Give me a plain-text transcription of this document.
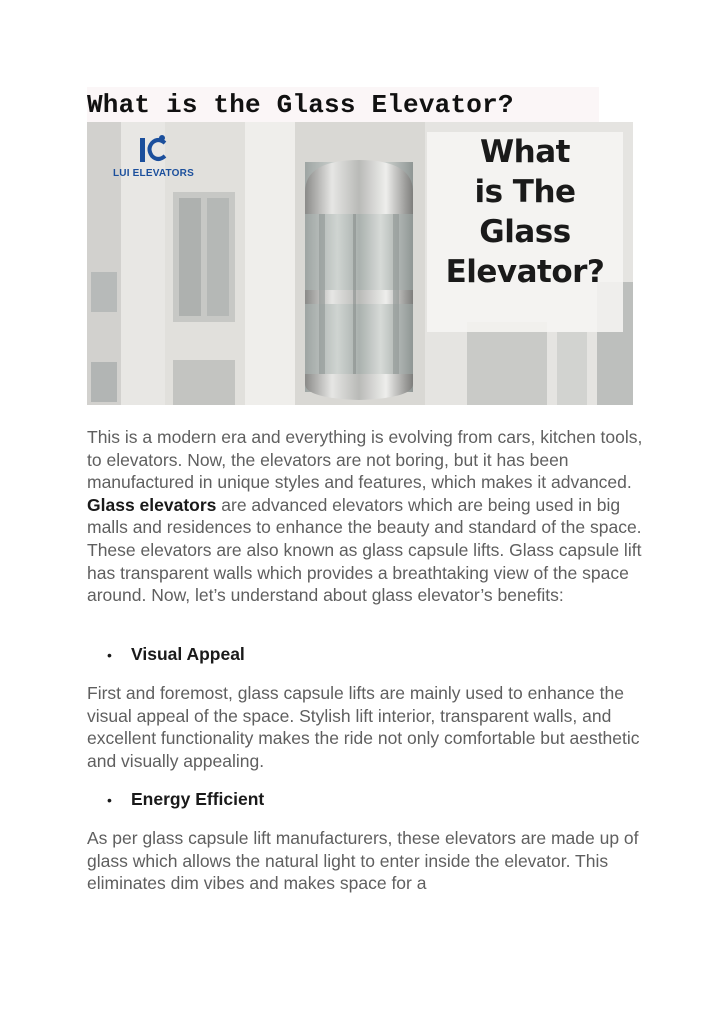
What is the Glass Elevator?
LUI ELEVATORS
What
is The
Glass
Elevator?

This is a modern era and everything is evolving from cars, kitchen tools, to elevators. Now, the elevators are not boring, but it has been manufactured in unique styles and features, which makes it advanced. Glass elevators are advanced elevators which are being used in big malls and residences to enhance the beauty and standard of the space. These elevators are also known as glass capsule lifts. Glass capsule lift has transparent walls which provides a breathtaking view of the space around. Now, let’s understand about glass elevator’s benefits:

• Visual Appeal

First and foremost, glass capsule lifts are mainly used to enhance the visual appeal of the space. Stylish lift interior, transparent walls, and excellent functionality makes the ride not only comfortable but aesthetic and visually appealing.

• Energy Efficient

As per glass capsule lift manufacturers, these elevators are made up of glass which allows the natural light to enter inside the elevator. This eliminates dim vibes and makes space for a
